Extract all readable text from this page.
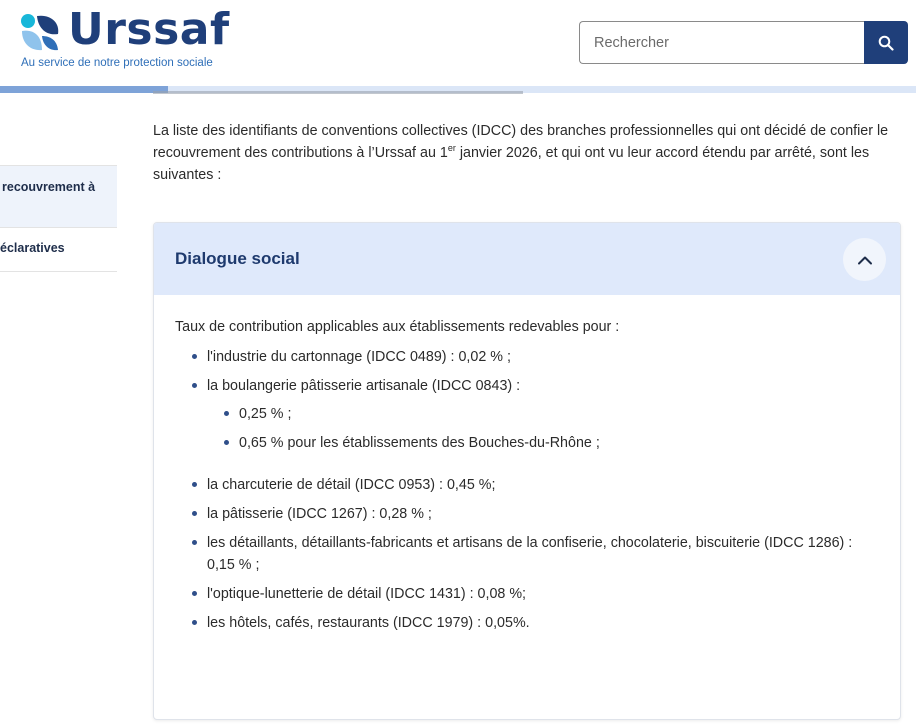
Urssaf
Au service de notre protection sociale
Rechercher
recouvrement à
éclaratives

La liste des identifiants de conventions collectives (IDCC) des branches professionnelles qui ont décidé de confier le recouvrement des contributions à l’Urssaf au 1er janvier 2026, et qui ont vu leur accord étendu par arrêté, sont les suivantes :

Dialogue social

Taux de contribution applicables aux établissements redevables pour :

l'industrie du cartonnage (IDCC 0489) : 0,02 % ;
la boulangerie pâtisserie artisanale (IDCC 0843) :
0,25 % ;
0,65 % pour les établissements des Bouches-du-Rhône ;
la charcuterie de détail (IDCC 0953) : 0,45 %;
la pâtisserie (IDCC 1267) : 0,28 % ;
les détaillants, détaillants-fabricants et artisans de la confiserie, chocolaterie, biscuiterie (IDCC 1286) : 0,15 % ;
l'optique-lunetterie de détail (IDCC 1431) : 0,08 %;
les hôtels, cafés, restaurants (IDCC 1979) : 0,05%.
